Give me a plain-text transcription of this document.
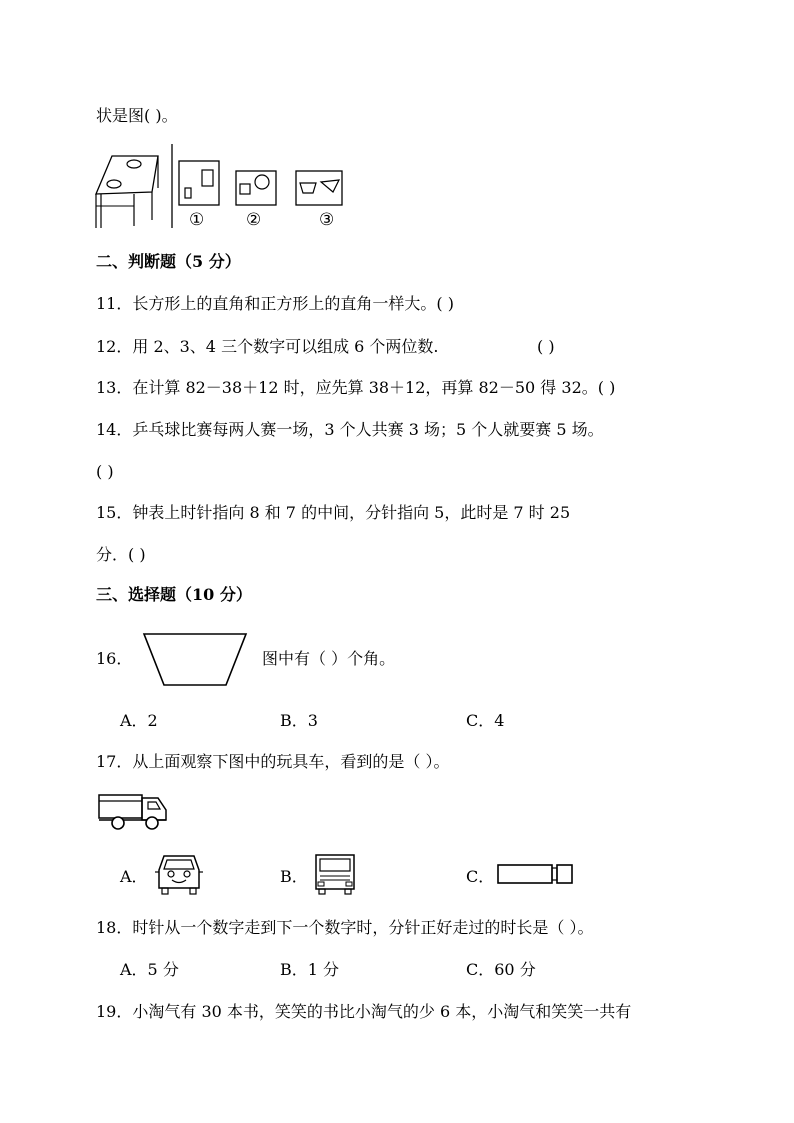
状是图( )。
① ②	③
二、判断题（5 分）
11．长方形上的直角和正方形上的直角一样大。( )
12．用 2、3、4 三个数字可以组成 6 个两位数.	( )
13．在计算 82－38＋12 时，应先算 38＋12，再算 82－50 得 32。( )
14．乒乓球比赛每两人赛一场，3 个人共赛 3 场；5 个人就要赛 5 场。
( )
15．钟表上时针指向 8 和 7 的中间，分针指向 5，此时是 7 时 25
分．( )
三、选择题（10 分）
16．	图中有（ ）个角。
A．2	B．3	C．4
17．从上面观察下图中的玩具车，看到的是（ ）。
A．	B．	C．
18．时针从一个数字走到下一个数字时，分针正好走过的时长是（ ）。
A．5 分	B．1 分	C．60 分
19．小淘气有 30 本书，笑笑的书比小淘气的少 6 本，小淘气和笑笑一共有
